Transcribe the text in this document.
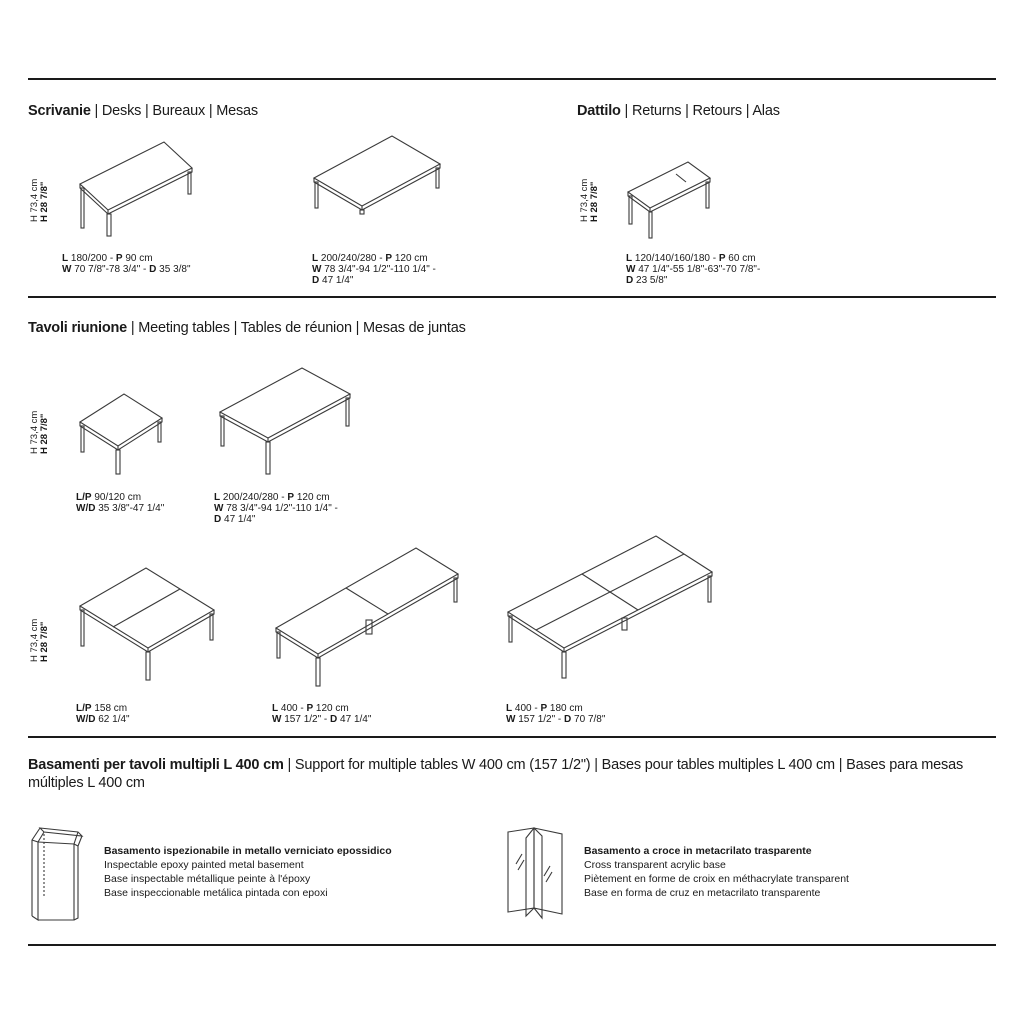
Scrivanie | Desks | Bureaux | Mesas
H 73,4 cm H 28 7/8"
L 180/200 - P 90 cm
W 70 7/8"-78 3/4" - D 35 3/8"
L 200/240/280 - P 120 cm
W 78 3/4"-94 1/2"-110 1/4" -
D 47 1/4"
Dattilo | Returns | Retours | Alas
H 73,4 cm H 28 7/8"
L 120/140/160/180 - P 60 cm
W 47 1/4"-55 1/8"-63"-70 7/8"-
D 23 5/8"
Tavoli riunione | Meeting tables | Tables de réunion | Mesas de juntas
H 73,4 cm H 28 7/8"
L/P 90/120 cm
W/D 35 3/8"-47 1/4"
L 200/240/280 - P 120 cm
W 78 3/4"-94 1/2"-110 1/4" -
D 47 1/4"
H 73,4 cm H 28 7/8"
L/P 158 cm
W/D 62 1/4"
L 400 - P 120 cm
W 157 1/2" - D 47 1/4"
L 400 - P 180 cm
W 157 1/2" - D 70 7/8"
Basamenti per tavoli multipli L 400 cm | Support for multiple tables W 400 cm (157 1/2") | Bases pour tables multiples L 400 cm | Bases para mesas múltiples L 400 cm
Basamento ispezionabile in metallo verniciato epossidico
Inspectable epoxy painted metal basement
Base inspectable métallique peinte à l'époxy
Base inspeccionable metálica pintada con epoxi
Basamento a croce in metacrilato trasparente
Cross transparent acrylic base
Piètement en forme de croix en méthacrylate transparent
Base en forma de cruz en metacrilato transparente
